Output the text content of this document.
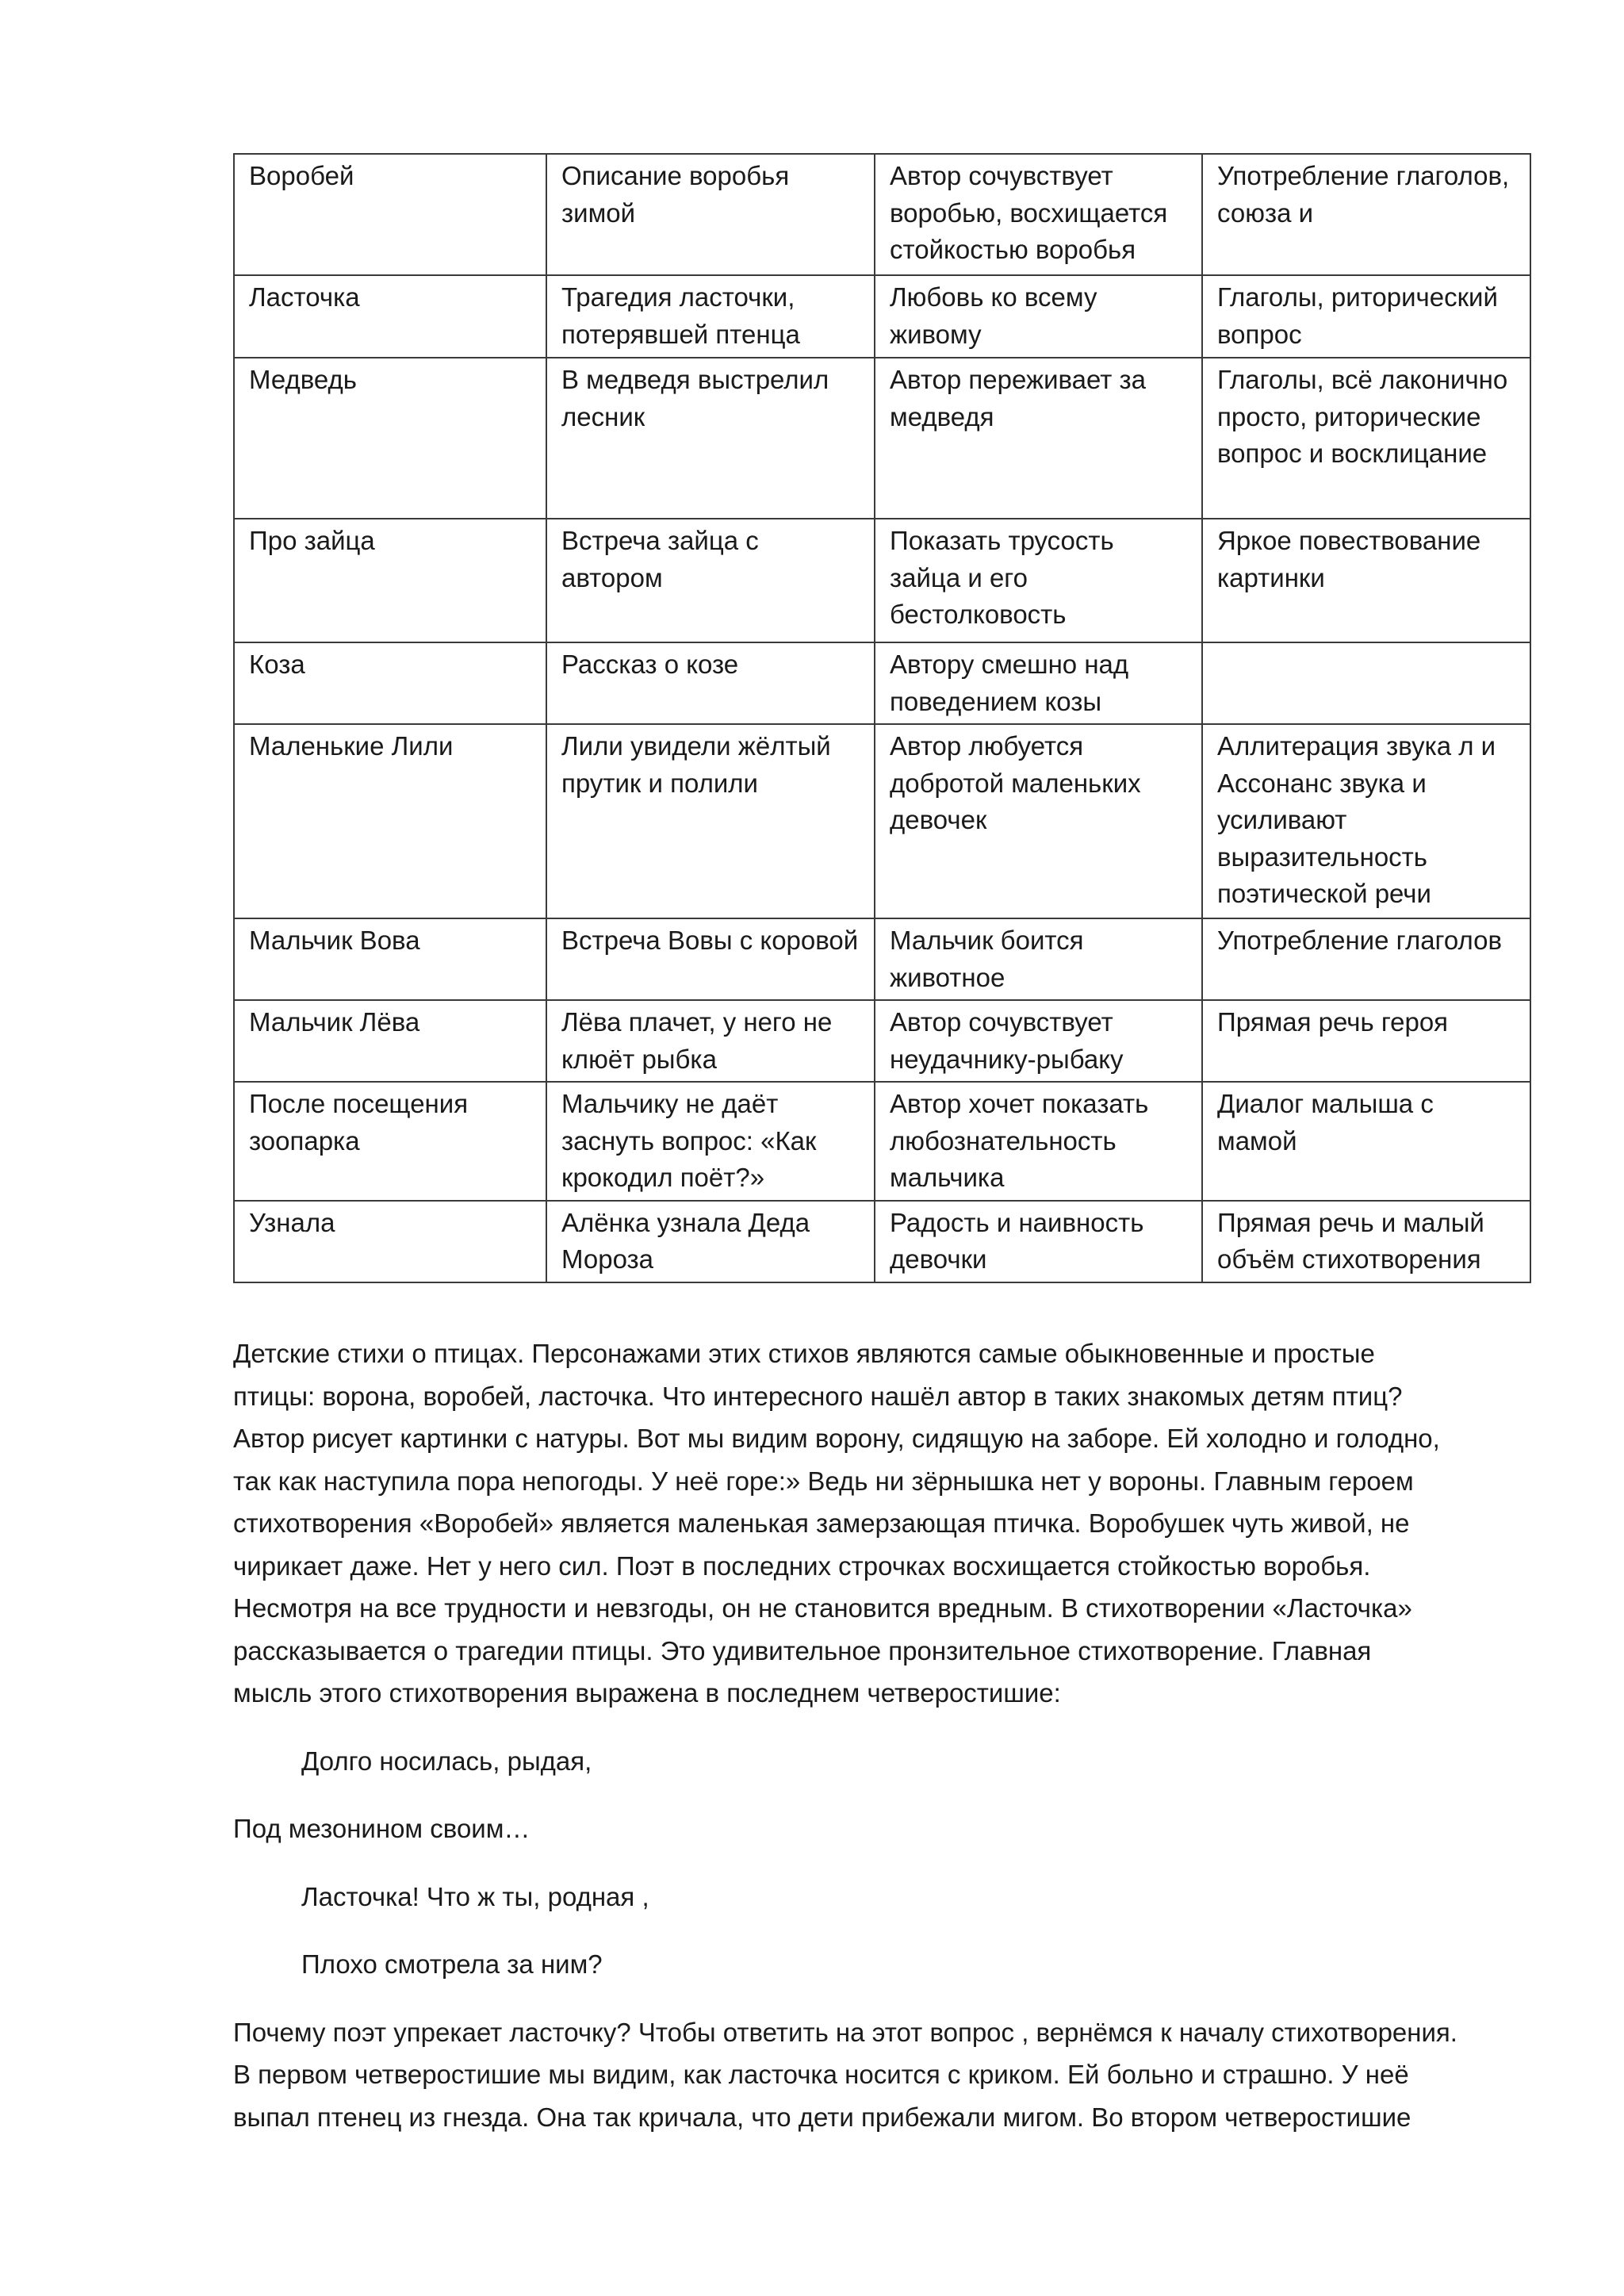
Воробей	Описание воробья зимой	Автор сочувствует воробью, восхищается стойкостью воробья	Употребление глаголов, союза и
Ласточка	Трагедия ласточки, потерявшей птенца	Любовь ко всему живому	Глаголы, риторический вопрос
Медведь	В медведя выстрелил лесник	Автор переживает за медведя	Глаголы, всё лаконично просто, риторические вопрос и восклицание
Про зайца	Встреча зайца с автором	Показать трусость зайца и его бестолковость	Яркое повествование картинки
Коза	Рассказ о козе	Автору смешно над поведением козы	
Маленькие Лили	Лили увидели жёлтый прутик и полили	Автор любуется добротой маленьких девочек	Аллитерация звука л и Ассонанс звука и усиливают выразительность поэтической речи
Мальчик Вова	Встреча Вовы с коровой	Мальчик боится животное	Употребление глаголов
Мальчик Лёва	Лёва плачет, у него не клюёт рыбка	Автор сочувствует неудачнику-рыбаку	Прямая речь героя
После посещения зоопарка	Мальчику не даёт заснуть вопрос: «Как крокодил поёт?»	Автор хочет показать любознательность мальчика	Диалог малыша с мамой
Узнала	Алёнка узнала Деда Мороза	Радость и наивность девочки	Прямая речь и малый объём стихотворения

Детские стихи о птицах. Персонажами этих стихов являются самые обыкновенные и простые
птицы: ворона, воробей, ласточка. Что интересного нашёл автор в таких знакомых детям птиц?
Автор рисует картинки с натуры. Вот мы видим ворону, сидящую на заборе. Ей холодно и голодно,
так как наступила пора непогоды. У неё горе:» Ведь ни зёрнышка нет у вороны. Главным героем
стихотворения «Воробей» является маленькая замерзающая птичка. Воробушек чуть живой, не
чирикает даже. Нет у него сил. Поэт в последних строчках восхищается стойкостью воробья.
Несмотря на все трудности и невзгоды, он не становится вредным. В стихотворении «Ласточка»
рассказывается о трагедии птицы. Это удивительное пронзительное стихотворение. Главная
мысль этого стихотворения выражена в последнем четверостишие:

Долго носилась, рыдая,

Под мезонином своим…

Ласточка! Что ж ты, родная ,

Плохо смотрела за ним?

Почему поэт упрекает ласточку? Чтобы ответить на этот вопрос , вернёмся к началу стихотворения.
В первом четверостишие мы видим, как ласточка носится с криком. Ей больно и страшно. У неё
выпал птенец из гнезда. Она так кричала, что дети прибежали мигом. Во втором четверостишие
